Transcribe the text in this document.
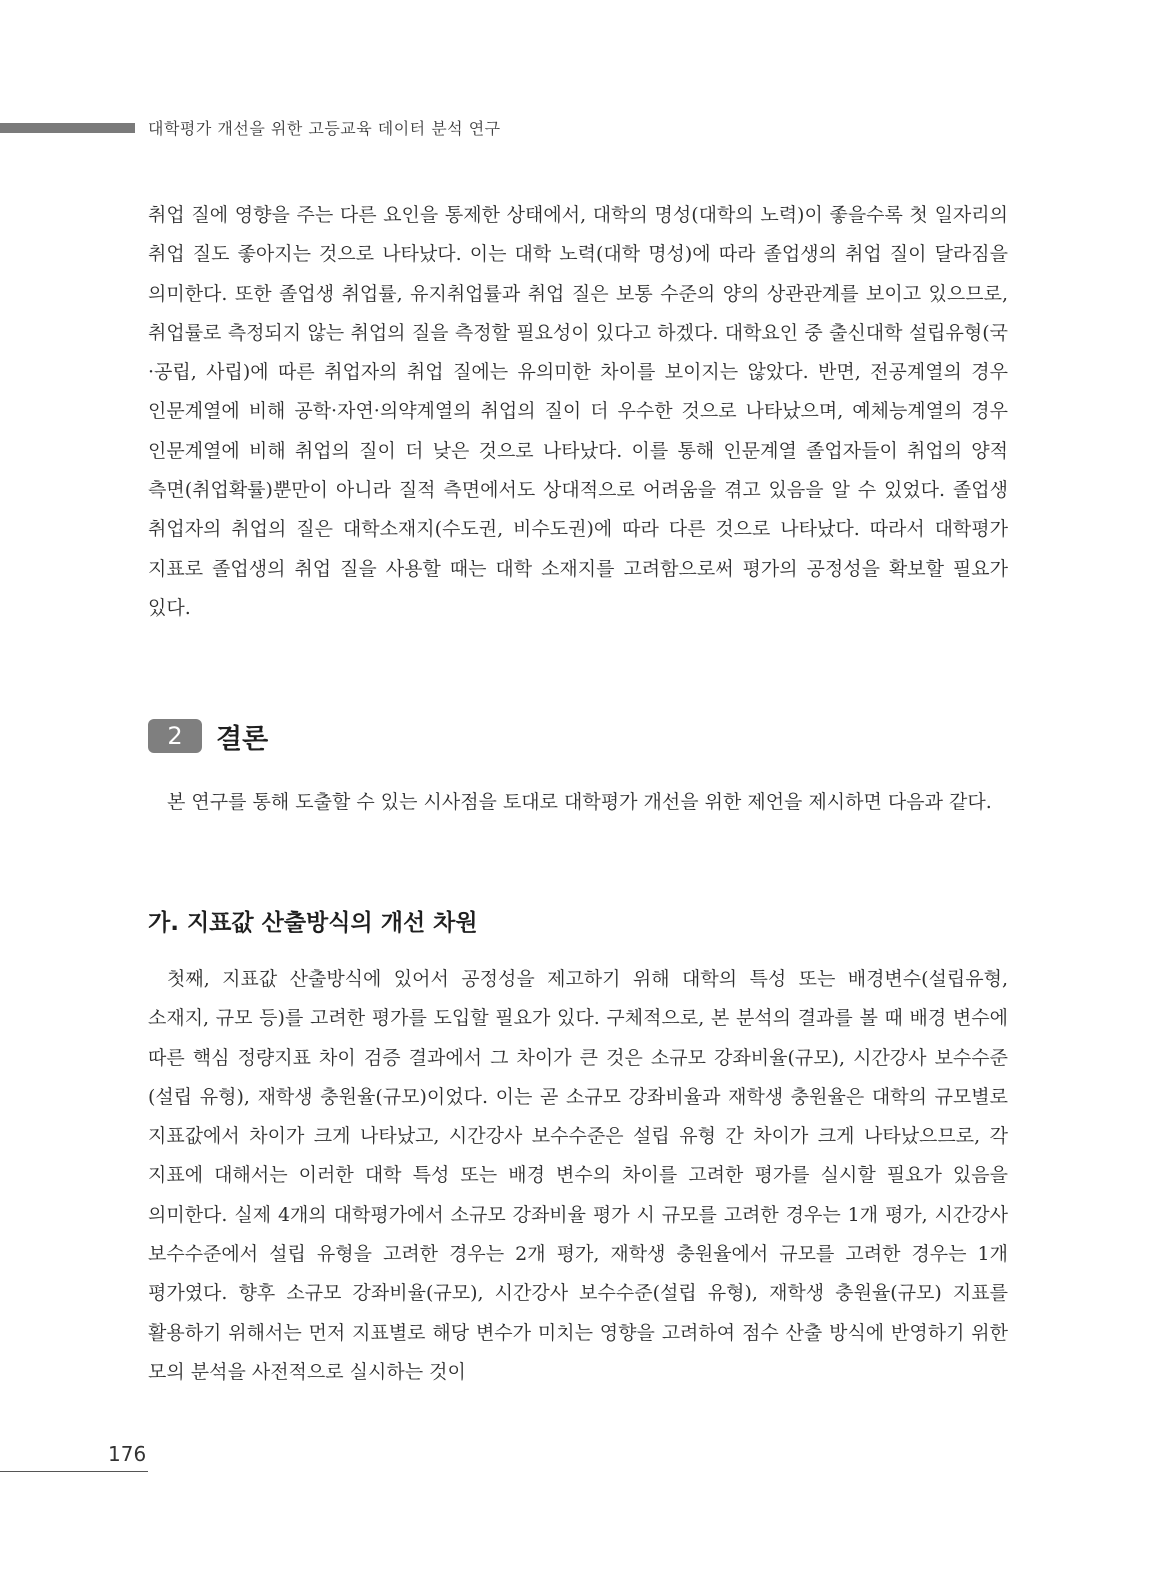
대학평가 개선을 위한 고등교육 데이터 분석 연구

취업 질에 영향을 주는 다른 요인을 통제한 상태에서, 대학의 명성(대학의 노력)이 좋을수록 첫 일자리의 취업 질도 좋아지는 것으로 나타났다. 이는 대학 노력(대학 명성)에 따라 졸업생의 취업 질이 달라짐을 의미한다. 또한 졸업생 취업률, 유지취업률과 취업 질은 보통 수준의 양의 상관관계를 보이고 있으므로, 취업률로 측정되지 않는 취업의 질을 측정할 필요성이 있다고 하겠다. 대학요인 중 출신대학 설립유형(국·공립, 사립)에 따른 취업자의 취업 질에는 유의미한 차이를 보이지는 않았다. 반면, 전공계열의 경우 인문계열에 비해 공학·자연·의약계열의 취업의 질이 더 우수한 것으로 나타났으며, 예체능계열의 경우 인문계열에 비해 취업의 질이 더 낮은 것으로 나타났다. 이를 통해 인문계열 졸업자들이 취업의 양적 측면(취업확률)뿐만이 아니라 질적 측면에서도 상대적으로 어려움을 겪고 있음을 알 수 있었다. 졸업생 취업자의 취업의 질은 대학소재지(수도권, 비수도권)에 따라 다른 것으로 나타났다. 따라서 대학평가 지표로 졸업생의 취업 질을 사용할 때는 대학 소재지를 고려함으로써 평가의 공정성을 확보할 필요가 있다.

2	결론

본 연구를 통해 도출할 수 있는 시사점을 토대로 대학평가 개선을 위한 제언을 제시하면 다음과 같다.

가. 지표값 산출방식의 개선 차원

첫째, 지표값 산출방식에 있어서 공정성을 제고하기 위해 대학의 특성 또는 배경변수(설립유형, 소재지, 규모 등)를 고려한 평가를 도입할 필요가 있다. 구체적으로, 본 분석의 결과를 볼 때 배경 변수에 따른 핵심 정량지표 차이 검증 결과에서 그 차이가 큰 것은 소규모 강좌비율(규모), 시간강사 보수수준(설립 유형), 재학생 충원율(규모)이었다. 이는 곧 소규모 강좌비율과 재학생 충원율은 대학의 규모별로 지표값에서 차이가 크게 나타났고, 시간강사 보수수준은 설립 유형 간 차이가 크게 나타났으므로, 각 지표에 대해서는 이러한 대학 특성 또는 배경 변수의 차이를 고려한 평가를 실시할 필요가 있음을 의미한다. 실제 4개의 대학평가에서 소규모 강좌비율 평가 시 규모를 고려한 경우는 1개 평가, 시간강사 보수수준에서 설립 유형을 고려한 경우는 2개 평가, 재학생 충원율에서 규모를 고려한 경우는 1개 평가였다. 향후 소규모 강좌비율(규모), 시간강사 보수수준(설립 유형), 재학생 충원율(규모) 지표를 활용하기 위해서는 먼저 지표별로 해당 변수가 미치는 영향을 고려하여 점수 산출 방식에 반영하기 위한 모의 분석을 사전적으로 실시하는 것이

176
